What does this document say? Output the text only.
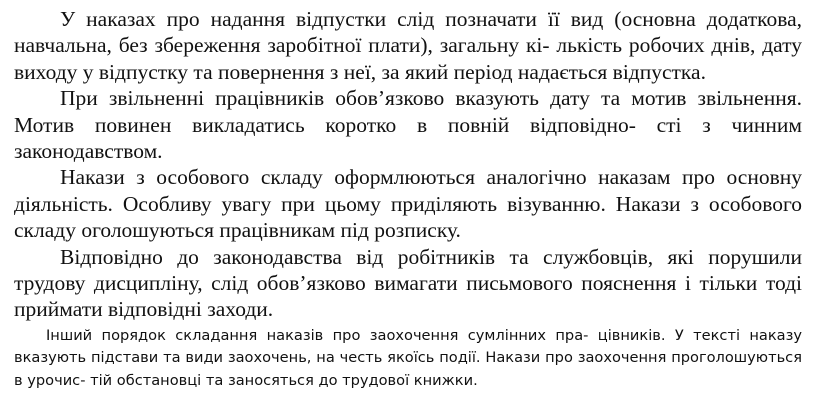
У наказах про надання відпустки слід позначати її вид (основна додаткова, навчальна, без збереження заробітної плати), загальну кі- лькість робочих днів, дату виходу у відпустку та повернення з неї, за який період надається відпустка.

При звільненні працівників обов’язково вказують дату та мотив звільнення. Мотив повинен викладатись коротко в повній відповідно- сті з чинним законодавством.

Накази з особового складу оформлюються аналогічно наказам про основну діяльність. Особливу увагу при цьому приділяють візуванню. Накази з особового складу оголошуються працівникам під розписку.

Відповідно до законодавства від робітників та службовців, які порушили трудову дисципліну, слід обов’язково вимагати письмового пояснення і тільки тоді приймати відповідні заходи.

Інший порядок складання наказів про заохочення сумлінних пра- цівників. У тексті наказу вказують підстави та види заохочень, на честь якоїсь події. Накази про заохочення проголошуються в урочис- тій обстановці та заносяться до трудової книжки.
